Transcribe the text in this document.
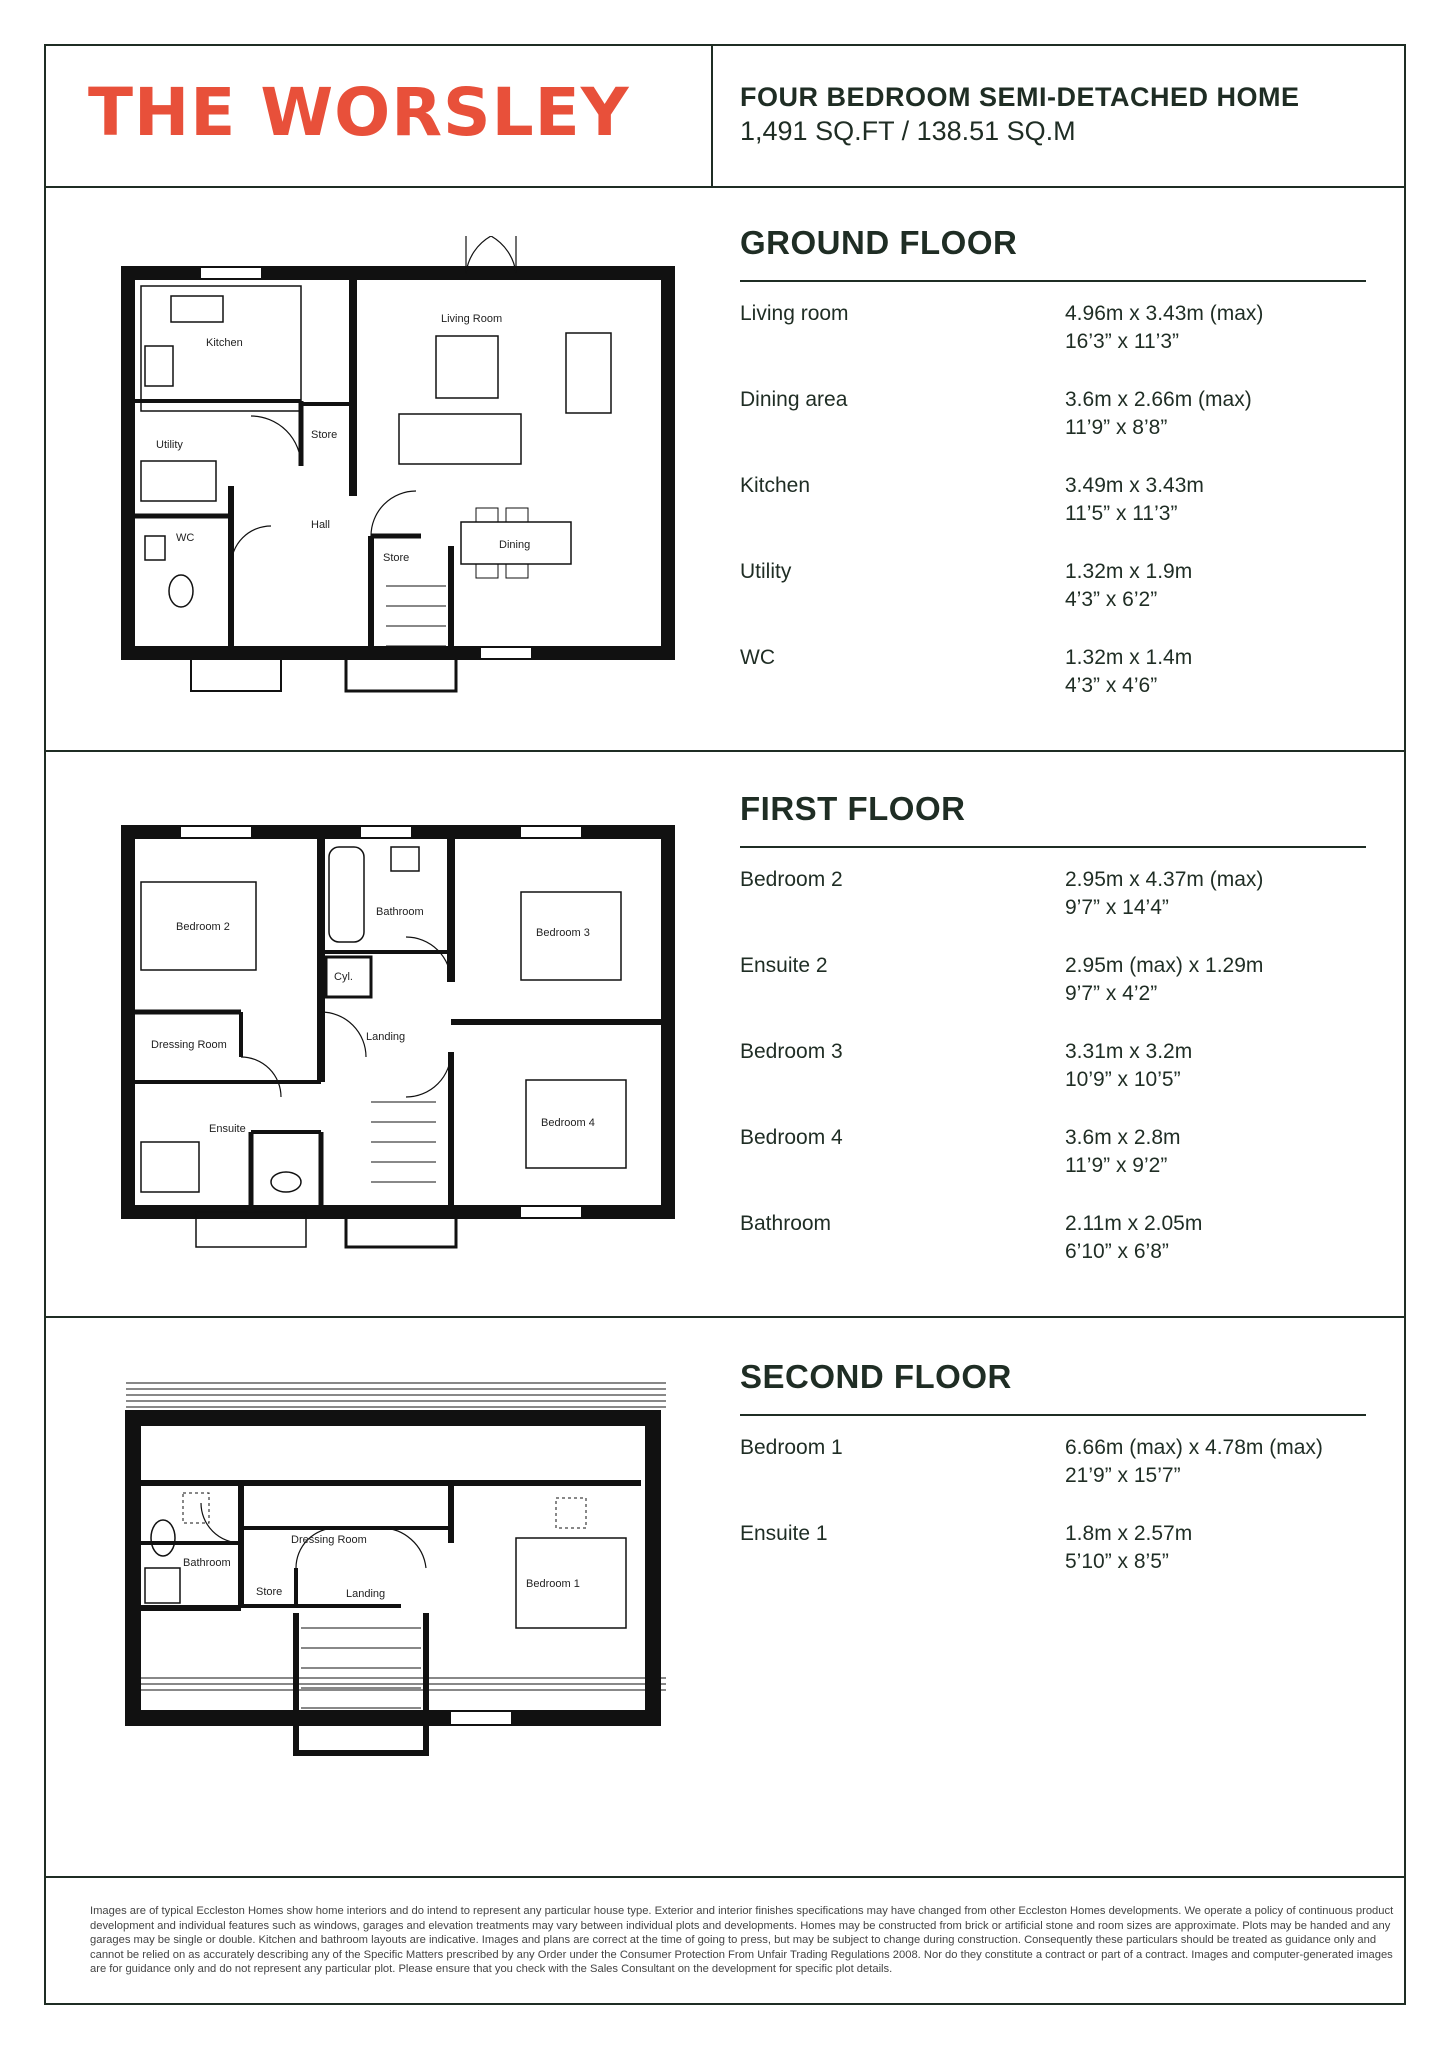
THE WORSLEY	FOUR BEDROOM SEMI-DETACHED HOME
1,491 SQ.FT / 138.51 SQ.M
Living Room
Kitchen
Store
Utility
Hall
WC
Store
Dining
GROUND FLOOR
Living room	4.96m x 3.43m (max)
16’3” x 11’3”
Dining area	3.6m x 2.66m (max)
11’9” x 8’8”
Kitchen	3.49m x 3.43m
11’5” x 11’3”
Utility	1.32m x 1.9m
4’3” x 6’2”
WC	1.32m x 1.4m
4’3” x 4’6”
Bedroom 2
Bathroom
Bedroom 3
Cyl.
Dressing Room
Landing
Bedroom 4
Ensuite
FIRST FLOOR
Bedroom 2	2.95m x 4.37m (max)
9’7” x 14’4”
Ensuite 2	2.95m (max) x 1.29m
9’7” x 4’2”
Bedroom 3	3.31m x 3.2m
10’9” x 10’5”
Bedroom 4	3.6m x 2.8m
11’9” x 9’2”
Bathroom	2.11m x 2.05m
6’10” x 6’8”
Dressing Room
Bathroom
Bedroom 1
Store	Landing
SECOND FLOOR
Bedroom 1	6.66m (max) x 4.78m (max)
21’9” x 15’7”
Ensuite 1	1.8m x 2.57m
5’10” x 8’5”
Images are of typical Eccleston Homes show home interiors and do intend to represent any particular house type. Exterior and interior finishes specifications may have changed from other Eccleston Homes developments. We operate a policy of continuous product development and individual features such as windows, garages and elevation treatments may vary between individual plots and developments. Homes may be constructed from brick or artificial stone and room sizes are approximate. Plots may be handed and any garages may be single or double. Kitchen and bathroom layouts are indicative. Images and plans are correct at the time of going to press, but may be subject to change during construction. Consequently these particulars should be treated as guidance only and cannot be relied on as accurately describing any of the Specific Matters prescribed by any Order under the Consumer Protection From Unfair Trading Regulations 2008. Nor do they constitute a contract or part of a contract. Images and computer-generated images are for guidance only and do not represent any particular plot. Please ensure that you check with the Sales Consultant on the development for specific plot details.
